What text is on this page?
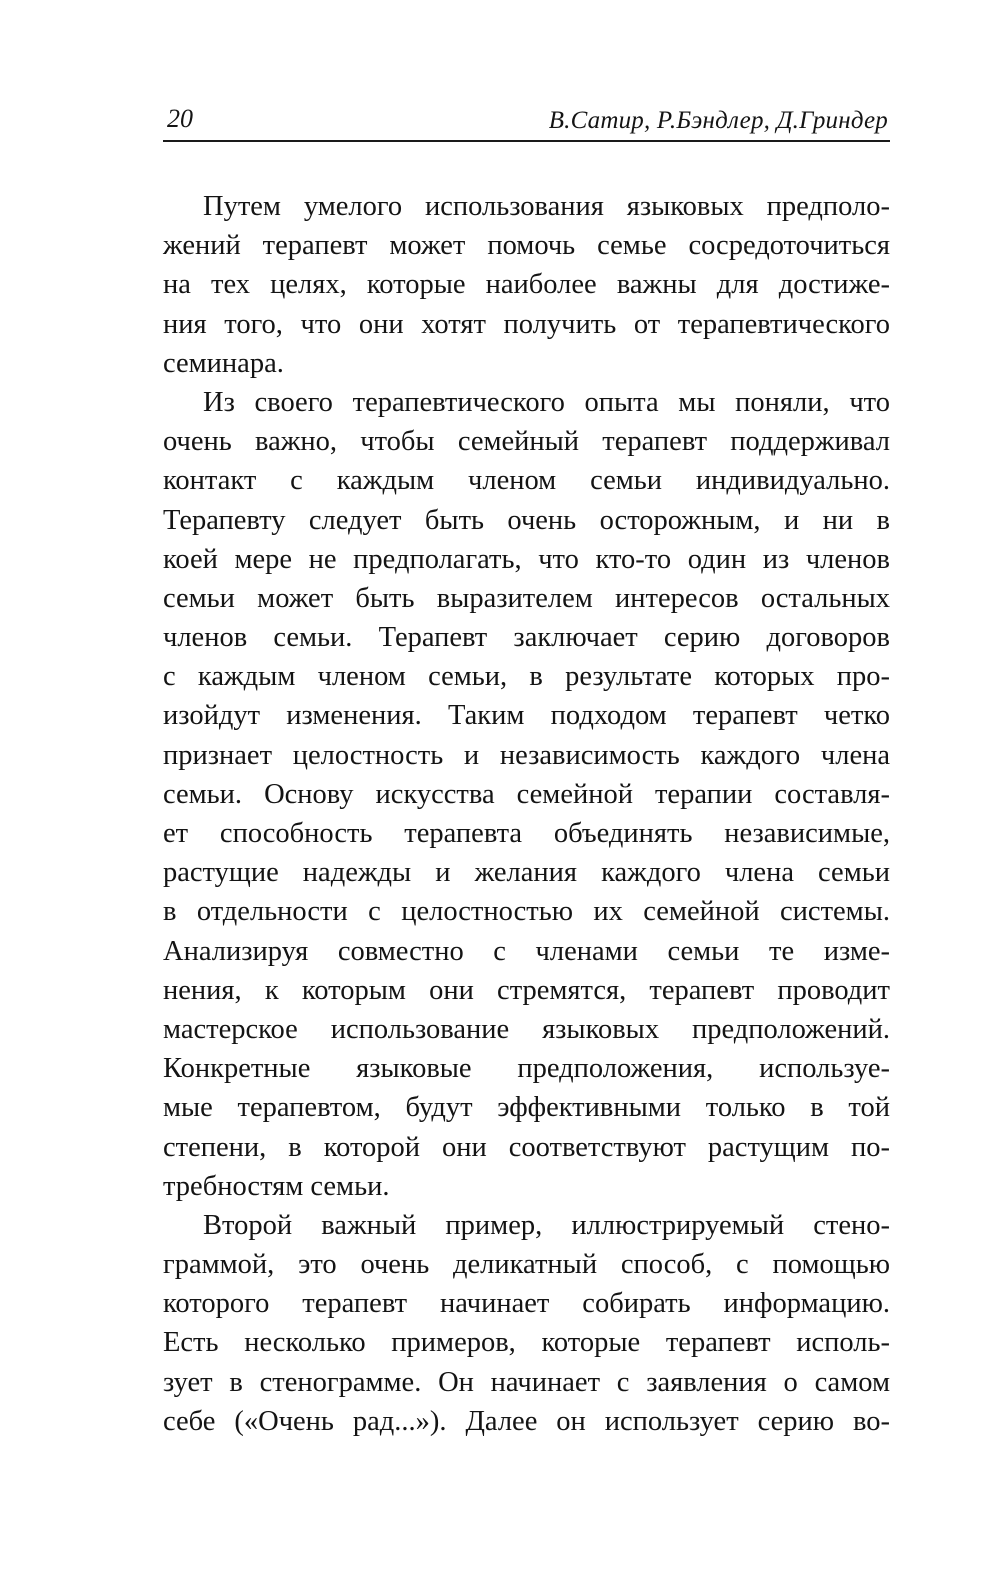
20	В.Сатир, Р.Бэндлер, Д.Гриндер
Путем умелого использования языковых предполо-
жений терапевт может помочь семье сосредоточиться
на тех целях, которые наиболее важны для достиже-
ния того, что они хотят получить от терапевтического
семинара.
Из своего терапевтического опыта мы поняли, что
очень важно, чтобы семейный терапевт поддерживал
контакт с каждым членом семьи индивидуально.
Терапевту следует быть очень осторожным, и ни в
коей мере не предполагать, что кто-то один из членов
семьи может быть выразителем интересов остальных
членов семьи. Терапевт заключает серию договоров
с каждым членом семьи, в результате которых про-
изойдут изменения. Таким подходом терапевт четко
признает целостность и независимость каждого члена
семьи. Основу искусства семейной терапии составля-
ет способность терапевта объединять независимые,
растущие надежды и желания каждого члена семьи
в отдельности с целостностью их семейной системы.
Анализируя совместно с членами семьи те изме-
нения, к которым они стремятся, терапевт проводит
мастерское использование языковых предположений.
Конкретные языковые предположения, используе-
мые терапевтом, будут эффективными только в той
степени, в которой они соответствуют растущим по-
требностям семьи.
Второй важный пример, иллюстрируемый стено-
граммой, это очень деликатный способ, с помощью
которого терапевт начинает собирать информацию.
Есть несколько примеров, которые терапевт исполь-
зует в стенограмме. Он начинает с заявления о самом
себе («Очень рад...»). Далее он использует серию во-
